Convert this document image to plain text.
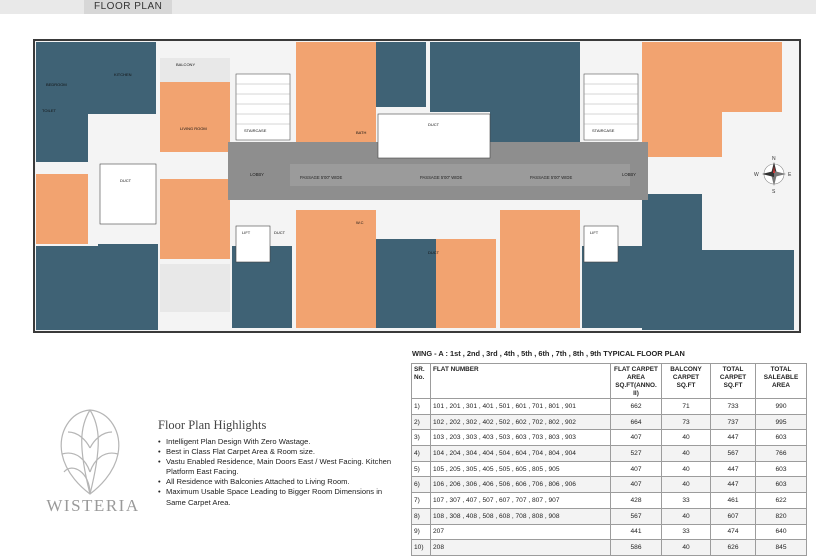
FLOOR PLAN
LOBBY
PASSAGE 5'00" WIDE	PASSAGE 5'00" WIDE	PASSAGE 5'00" WIDE
LOBBY
DUCT
DUCT
DUCT
LIFT	LIFT
DUCT
STAIRCASE	STAIRCASE
BEDROOM
KITCHEN
BALCONY
TOILET
LIVING ROOM
BATH
W.C
N
S
E
W
WISTERIA
Floor Plan Highlights
• Intelligent Plan Design With Zero Wastage.
• Best in Class Flat Carpet Area & Room size.
• Vastu Enabled Residence, Main Doors East / West Facing. Kitchen Platform East Facing.
• All Residence with Balconies Attached to Living Room.
• Maximum Usable Space Leading to Bigger Room Dimensions in Same Carpet Area.
WING - A : 1st , 2nd , 3rd , 4th , 5th , 6th , 7th , 8th , 9th TYPICAL FLOOR PLAN
SR. No.	FLAT NUMBER	FLAT CARPET AREA SQ.FT(ANNO. II)	BALCONY CARPET SQ.FT	TOTAL CARPET SQ.FT	TOTAL SALEABLE AREA
1)	101 , 201 , 301 , 401 , 501 , 601 , 701 , 801 , 901	662	71	733	990
2)	102 , 202 , 302 , 402 , 502 , 602 , 702 , 802 , 902	664	73	737	995
3)	103 , 203 , 303 , 403 , 503 , 603 , 703 , 803 , 903	407	40	447	603
4)	104 , 204 , 304 , 404 , 504 , 604 , 704 , 804 , 904	527	40	567	766
5)	105 , 205 , 305 , 405 , 505 , 605 , 805 , 905	407	40	447	603
6)	106 , 206 , 306 , 406 , 506 , 606 , 706 , 806 , 906	407	40	447	603
7)	107 , 307 , 407 , 507 , 607 , 707 , 807 , 907	428	33	461	622
8)	108 , 308 , 408 , 508 , 608 , 708 , 808 , 908	567	40	607	820
9)	207	441	33	474	640
10)	208	586	40	626	845
